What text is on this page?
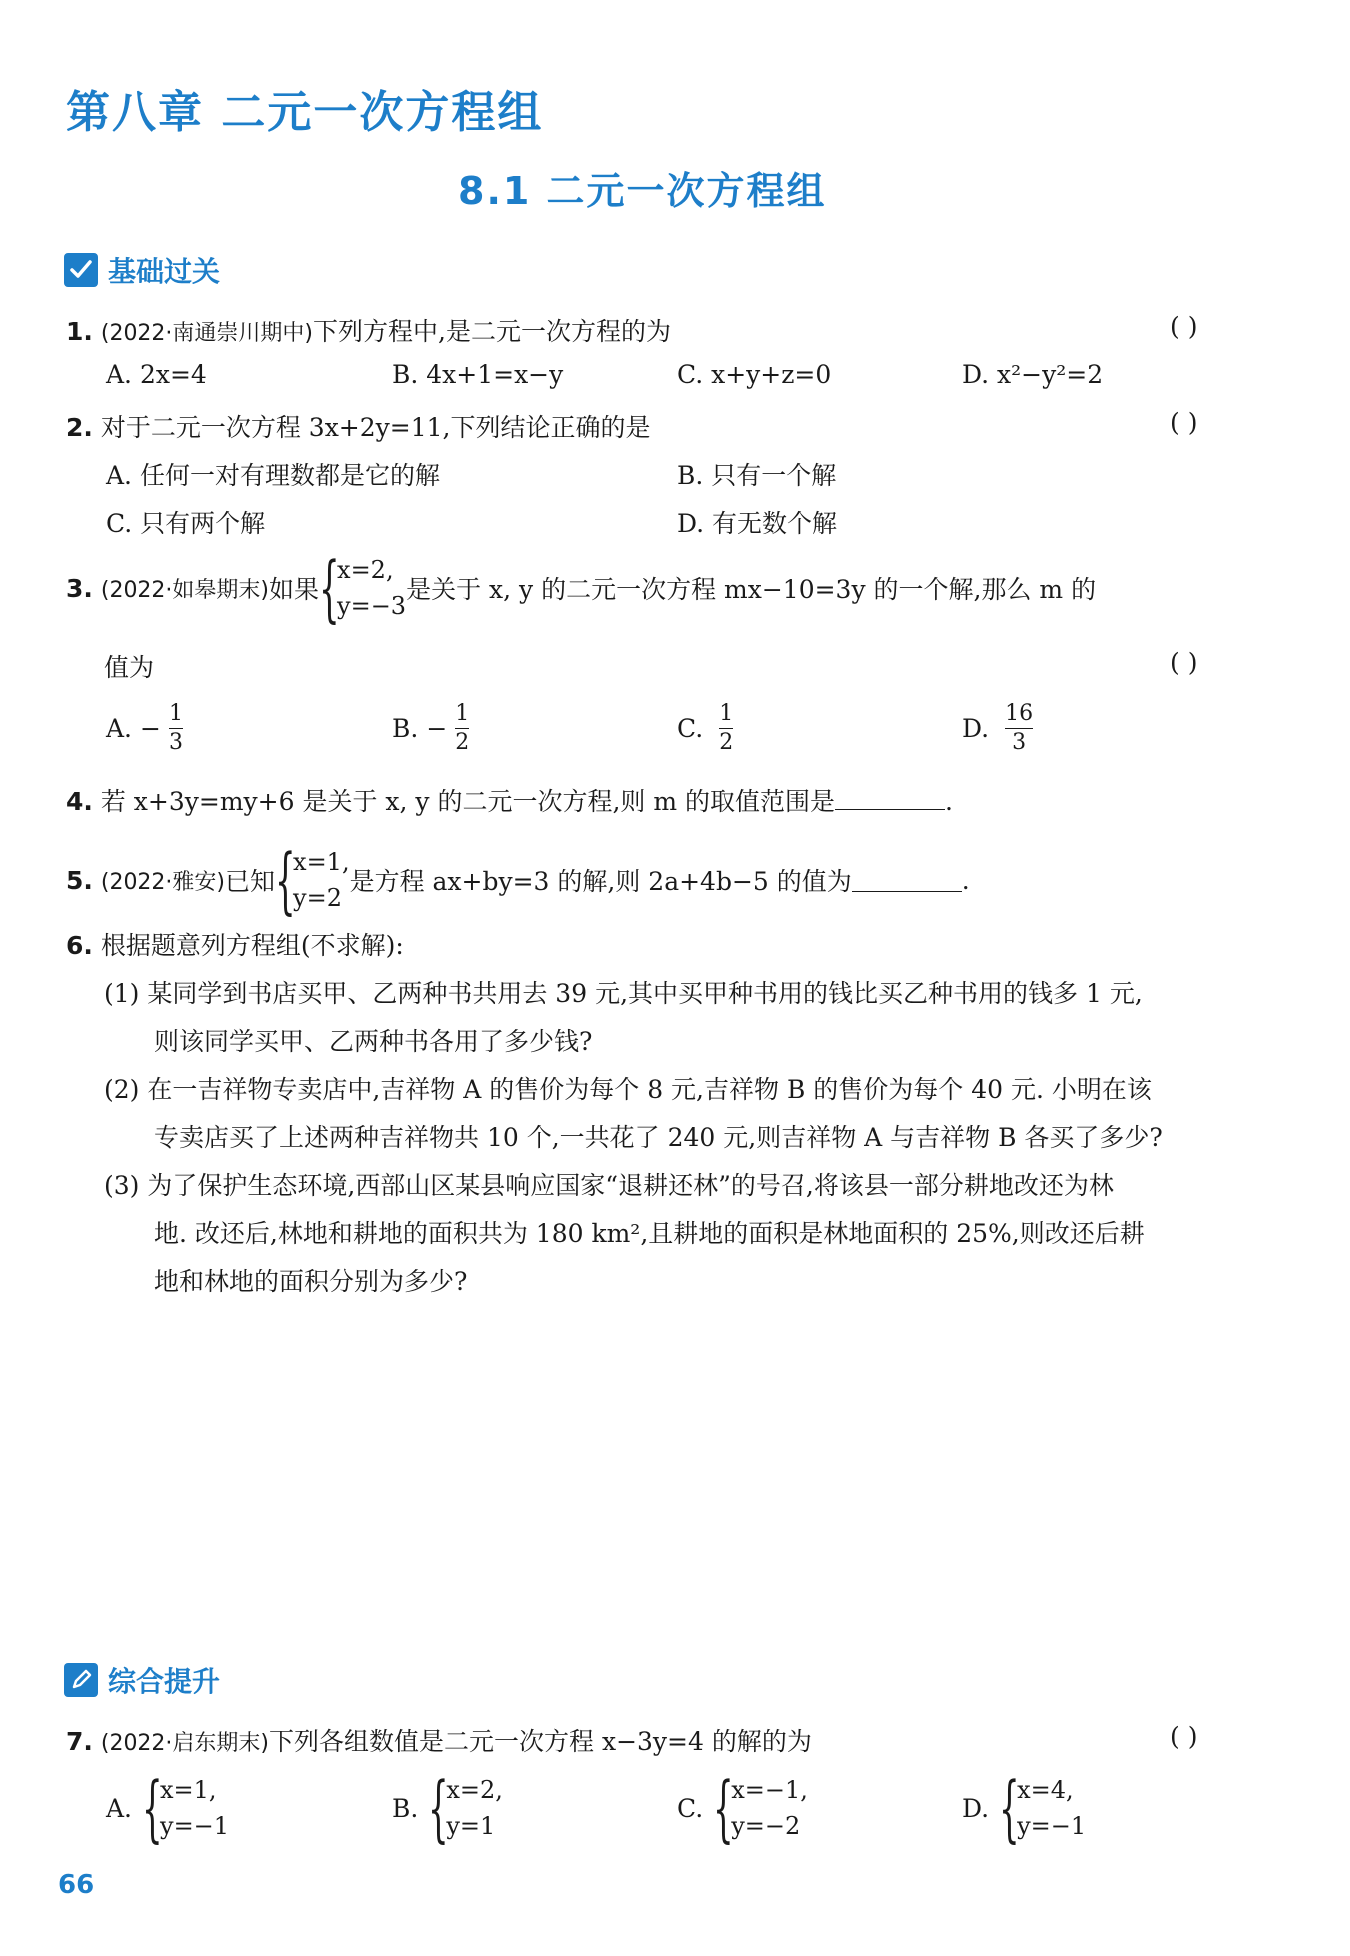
第八章 二元一次方程组
8.1 二元一次方程组
基础过关
1. (2022·南通崇川期中)下列方程中,是二元一次方程的为	( )
A. 2x=4	B. 4x+1=x−y	C. x+y+z=0	D. x²−y²=2
2. 对于二元一次方程 3x+2y=11,下列结论正确的是	( )
A. 任何一对有理数都是它的解	B. 只有一个解
C. 只有两个解	D. 有无数个解
3.
(2022·如皋期末) 如果 {
x=2,
y=−3
是关于 x, y 的二元一次方程 mx−10=3y 的一个解,那么 m 的
值为	( )
A. − $\frac{1}{3}$	B. − $\frac{1}{2}$	C. $\frac{1}{2}$	D. $\frac{16}{3}$
4. 若 x+3y=my+6 是关于 x, y 的二元一次方程,则 m 的取值范围是	.
5.
(2022·雅安) 已知 {
x=1,
y=2
是方程 ax+by=3 的解,则 2a+4b−5 的值为	.
6. 根据题意列方程组(不求解):
(1) 某同学到书店买甲、乙两种书共用去 39 元,其中买甲种书用的钱比买乙种书用的钱多 1 元,
则该同学买甲、乙两种书各用了多少钱?
(2) 在一吉祥物专卖店中,吉祥物 A 的售价为每个 8 元,吉祥物 B 的售价为每个 40 元. 小明在该
专卖店买了上述两种吉祥物共 10 个,一共花了 240 元,则吉祥物 A 与吉祥物 B 各买了多少?
(3) 为了保护生态环境,西部山区某县响应国家“退耕还林”的号召,将该县一部分耕地改还为林
地. 改还后,林地和耕地的面积共为 180 km²,且耕地的面积是林地面积的 25%,则改还后耕
地和林地的面积分别为多少?
综合提升
7. (2022·启东期末)下列各组数值是二元一次方程 x−3y=4 的解的为	( )
A. {
x=1,
y=−1
B. {
x=2,
y=1
C. {
x=−1,
y=−2
D. {
x=4,
y=−1
66
